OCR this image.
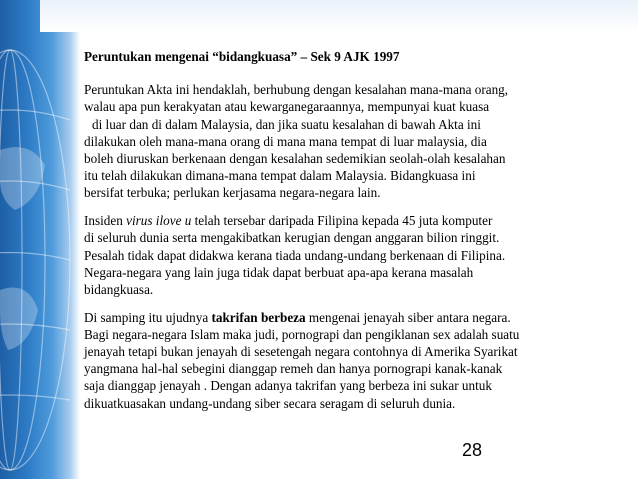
Peruntukan mengenai “bidangkuasa” – Sek 9 AJK 1997

Peruntukan Akta ini hendaklah, berhubung dengan kesalahan mana-mana orang,
walau apa pun kerakyatan atau kewarganegaraannya, mempunyai kuat kuasa
di luar dan di dalam Malaysia, dan jika suatu kesalahan di bawah Akta ini
dilakukan oleh mana-mana orang di mana mana tempat di luar malaysia, dia
boleh diuruskan berkenaan dengan kesalahan sedemikian seolah-olah kesalahan
itu telah dilakukan dimana-mana tempat dalam Malaysia. Bidangkuasa ini
bersifat terbuka; perlukan kerjasama negara-negara lain.

Insiden virus ilove u telah tersebar daripada Filipina kepada 45 juta komputer
di seluruh dunia serta mengakibatkan kerugian dengan anggaran bilion ringgit.
Pesalah tidak dapat didakwa kerana tiada undang-undang berkenaan di Filipina.
Negara-negara yang lain juga tidak dapat berbuat apa-apa kerana masalah
bidangkuasa.

Di samping itu ujudnya takrifan berbeza mengenai jenayah siber antara negara.
Bagi negara-negara Islam maka judi, pornograpi dan pengiklanan sex adalah suatu
jenayah tetapi bukan jenayah di sesetengah negara contohnya di Amerika Syarikat
yangmana hal-hal sebegini dianggap remeh dan hanya pornograpi kanak-kanak
saja dianggap jenayah . Dengan adanya takrifan yang berbeza ini sukar untuk
dikuatkuasakan undang-undang siber secara seragam di seluruh dunia.

28
